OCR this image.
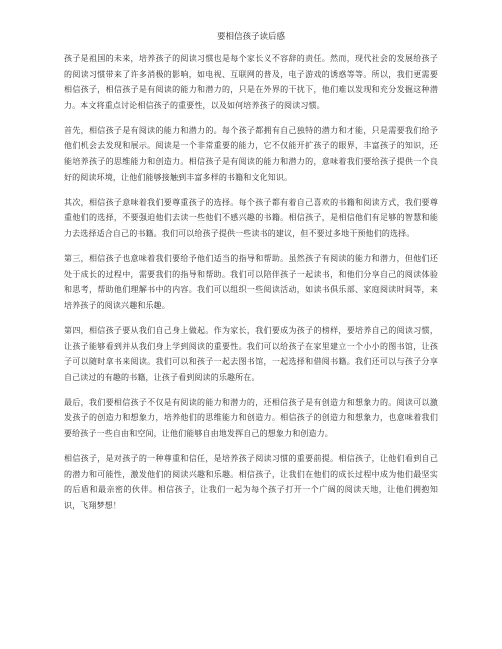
要相信孩子读后感

孩子是祖国的未来，培养孩子的阅读习惯也是每个家长义不容辞的责任。然而，现代社会的发展给孩子的阅读习惯带来了许多消极的影响，如电视、互联网的普及，电子游戏的诱惑等等。所以，我们更需要相信孩子，相信孩子是有阅读的能力和潜力的，只是在外界的干扰下，他们难以发现和充分发掘这种潜力。本文将重点讨论相信孩子的重要性，以及如何培养孩子的阅读习惯。

首先，相信孩子是有阅读的能力和潜力的。每个孩子都拥有自己独特的潜力和才能，只是需要我们给予他们机会去发现和展示。阅读是一个非常重要的能力，它不仅能开扩孩子的眼界，丰富孩子的知识，还能培养孩子的思维能力和创造力。相信孩子是有阅读的能力和潜力的，意味着我们要给孩子提供一个良好的阅读环境，让他们能够接触到丰富多样的书籍和文化知识。

其次，相信孩子意味着我们要尊重孩子的选择。每个孩子都有着自己喜欢的书籍和阅读方式，我们要尊重他们的选择，不要强迫他们去读一些他们不感兴趣的书籍。相信孩子，是相信他们有足够的智慧和能力去选择适合自己的书籍。我们可以给孩子提供一些读书的建议，但不要过多地干预他们的选择。

第三，相信孩子也意味着我们要给予他们适当的指导和帮助。虽然孩子有阅读的能力和潜力，但他们还处于成长的过程中，需要我们的指导和帮助。我们可以陪伴孩子一起读书，和他们分享自己的阅读体验和思考，帮助他们理解书中的内容。我们可以组织一些阅读活动，如读书俱乐部、家庭阅读时间等，来培养孩子的阅读兴趣和乐趣。

第四，相信孩子要从我们自己身上做起。作为家长，我们要成为孩子的榜样，要培养自己的阅读习惯，让孩子能够看到并从我们身上学到阅读的重要性。我们可以给孩子在家里建立一个小小的图书馆，让孩子可以随时拿书来阅读。我们可以和孩子一起去图书馆，一起选择和借阅书籍。我们还可以与孩子分享自己读过的有趣的书籍，让孩子看到阅读的乐趣所在。

最后，我们要相信孩子不仅是有阅读的能力和潜力的，还相信孩子是有创造力和想象力的。阅读可以激发孩子的创造力和想象力，培养他们的思维能力和创造力。相信孩子的创造力和想象力，也意味着我们要给孩子一些自由和空间，让他们能够自由地发挥自己的想象力和创造力。

相信孩子，是对孩子的一种尊重和信任，是培养孩子阅读习惯的重要前提。相信孩子，让他们看到自己的潜力和可能性，激发他们的阅读兴趣和乐趣。相信孩子，让我们在他们的成长过程中成为他们最坚实的后盾和最亲密的伙伴。相信孩子，让我们一起为每个孩子打开一个广阔的阅读天地，让他们拥抱知识，飞翔梦想！
